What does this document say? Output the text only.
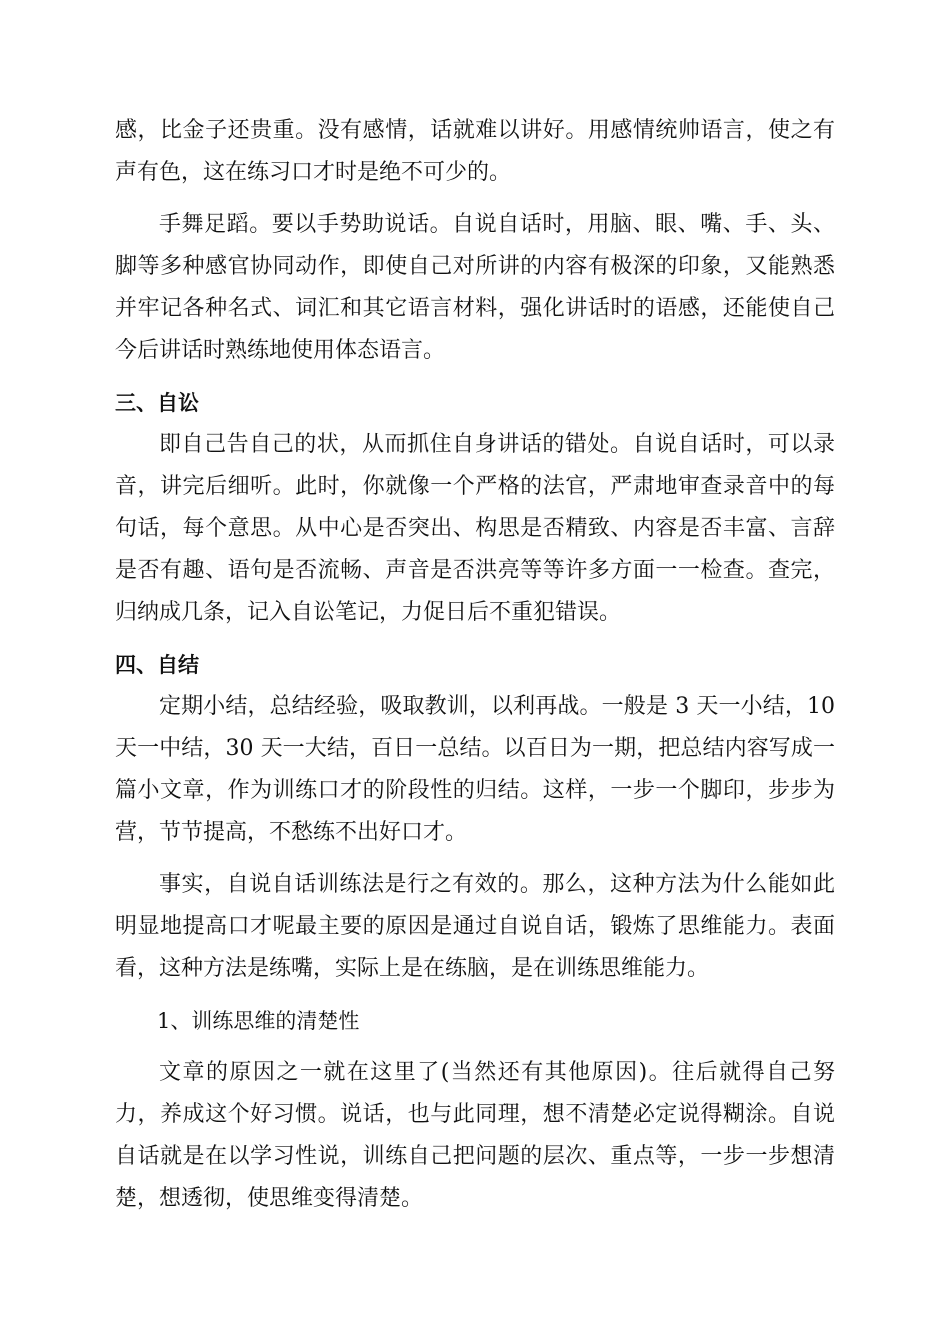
感，比金子还贵重。没有感情，话就难以讲好。用感情统帅语言，使之有声有色，这在练习口才时是绝不可少的。

手舞足蹈。要以手势助说话。自说自话时，用脑、眼、嘴、手、头、脚等多种感官协同动作，即使自己对所讲的内容有极深的印象，又能熟悉并牢记各种名式、词汇和其它语言材料，强化讲话时的语感，还能使自己今后讲话时熟练地使用体态语言。

三、自讼

即自己告自己的状，从而抓住自身讲话的错处。自说自话时，可以录音，讲完后细听。此时，你就像一个严格的法官，严肃地审查录音中的每句话，每个意思。从中心是否突出、构思是否精致、内容是否丰富、言辞是否有趣、语句是否流畅、声音是否洪亮等等许多方面一一检查。查完，归纳成几条，记入自讼笔记，力促日后不重犯错误。

四、自结

定期小结，总结经验，吸取教训，以利再战。一般是 3 天一小结，10 天一中结，30 天一大结，百日一总结。以百日为一期，把总结内容写成一篇小文章，作为训练口才的阶段性的归结。这样，一步一个脚印，步步为营，节节提高，不愁练不出好口才。

事实，自说自话训练法是行之有效的。那么，这种方法为什么能如此明显地提高口才呢最主要的原因是通过自说自话，锻炼了思维能力。表面看，这种方法是练嘴，实际上是在练脑，是在训练思维能力。

1、训练思维的清楚性

文章的原因之一就在这里了(当然还有其他原因)。往后就得自己努力，养成这个好习惯。说话，也与此同理，想不清楚必定说得糊涂。自说自话就是在以学习性说，训练自己把问题的层次、重点等，一步一步想清楚，想透彻，使思维变得清楚。
